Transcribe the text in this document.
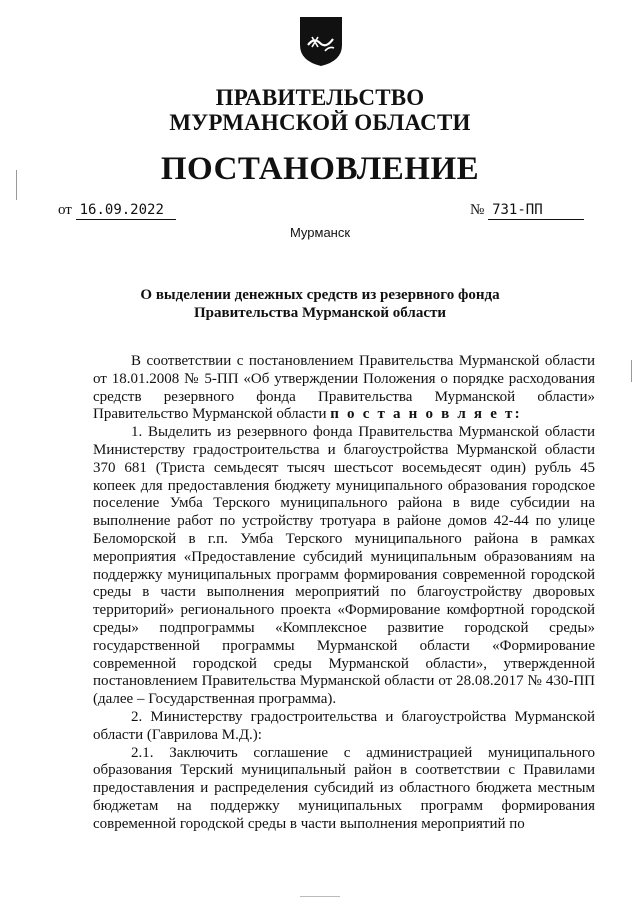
ПРАВИТЕЛЬСТВО
МУРМАНСКОЙ ОБЛАСТИ
ПОСТАНОВЛЕНИЕ
от 16.09.2022	№ 731-ПП
Мурманск
О выделении денежных средств из резервного фонда
Правительства Мурманской области

В соответствии с постановлением Правительства Мурманской области от 18.01.2008 № 5-ПП «Об утверждении Положения о порядке расходования средств резервного фонда Правительства Мурманской области» Правительство Мурманской области п о с т а н о в л я е т:

1. Выделить из резервного фонда Правительства Мурманской области Министерству градостроительства и благоустройства Мурманской области 370 681 (Триста семьдесят тысяч шестьсот восемьдесят один) рубль 45 копеек для предоставления бюджету муниципального образования городское поселение Умба Терского муниципального района в виде субсидии на выполнение работ по устройству тротуара в районе домов 42-44 по улице Беломорской в г.п. Умба Терского муниципального района в рамках мероприятия «Предоставление субсидий муниципальным образованиям на поддержку муниципальных программ формирования современной городской среды в части выполнения мероприятий по благоустройству дворовых территорий» регионального проекта «Формирование комфортной городской среды» подпрограммы «Комплексное развитие городской среды» государственной программы Мурманской области «Формирование современной городской среды Мурманской области», утвержденной постановлением Правительства Мурманской области от 28.08.2017 № 430-ПП (далее – Государственная программа).

2. Министерству градостроительства и благоустройства Мурманской области (Гаврилова М.Д.):

2.1. Заключить соглашение с администрацией муниципального образования Терский муниципальный район в соответствии с Правилами предоставления и распределения субсидий из областного бюджета местным бюджетам на поддержку муниципальных программ формирования современной городской среды в части выполнения мероприятий по
